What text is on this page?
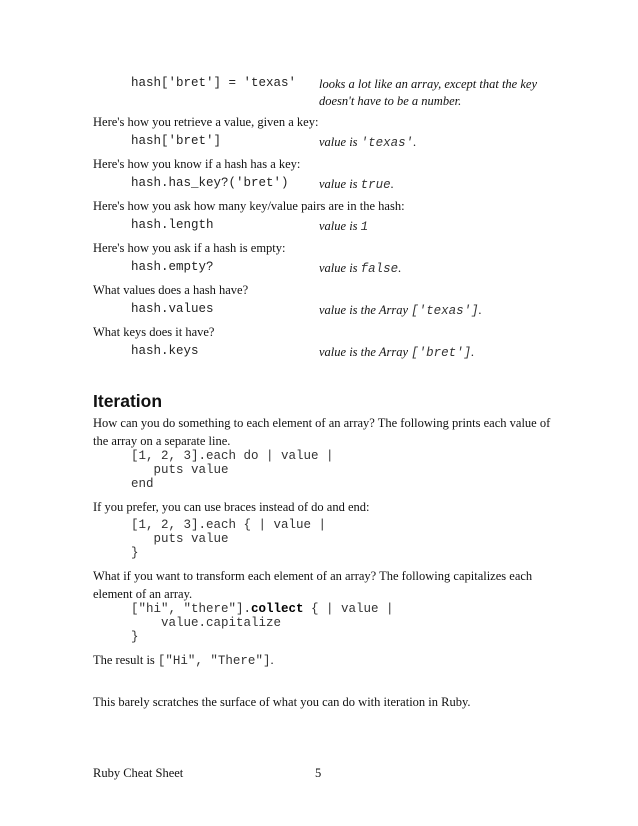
hash['bret'] = 'texas' looks a lot like an array, except that the key doesn't have to be a number.
Here's how you retrieve a value, given a key:
hash['bret']	value is 'texas'.
Here's how you know if a hash has a key:
hash.has_key?('bret') value is true.
Here's how you ask how many key/value pairs are in the hash:
hash.length	value is 1
Here's how you ask if a hash is empty:
hash.empty?	value is false.
What values does a hash have?
hash.values	value is the Array ['texas'].
What keys does it have?
hash.keys	value is the Array ['bret'].
Iteration
How can you do something to each element of an array? The following prints each value of the array on a separate line.
[1, 2, 3].each do | value |
puts value
end
If you prefer, you can use braces instead of do and end:
[1, 2, 3].each { | value |
puts value
}
What if you want to transform each element of an array? The following capitalizes each element of an array.
["hi", "there"].collect { | value |
value.capitalize
}
The result is ["Hi", "There"].
This barely scratches the surface of what you can do with iteration in Ruby.
Ruby Cheat Sheet	5
